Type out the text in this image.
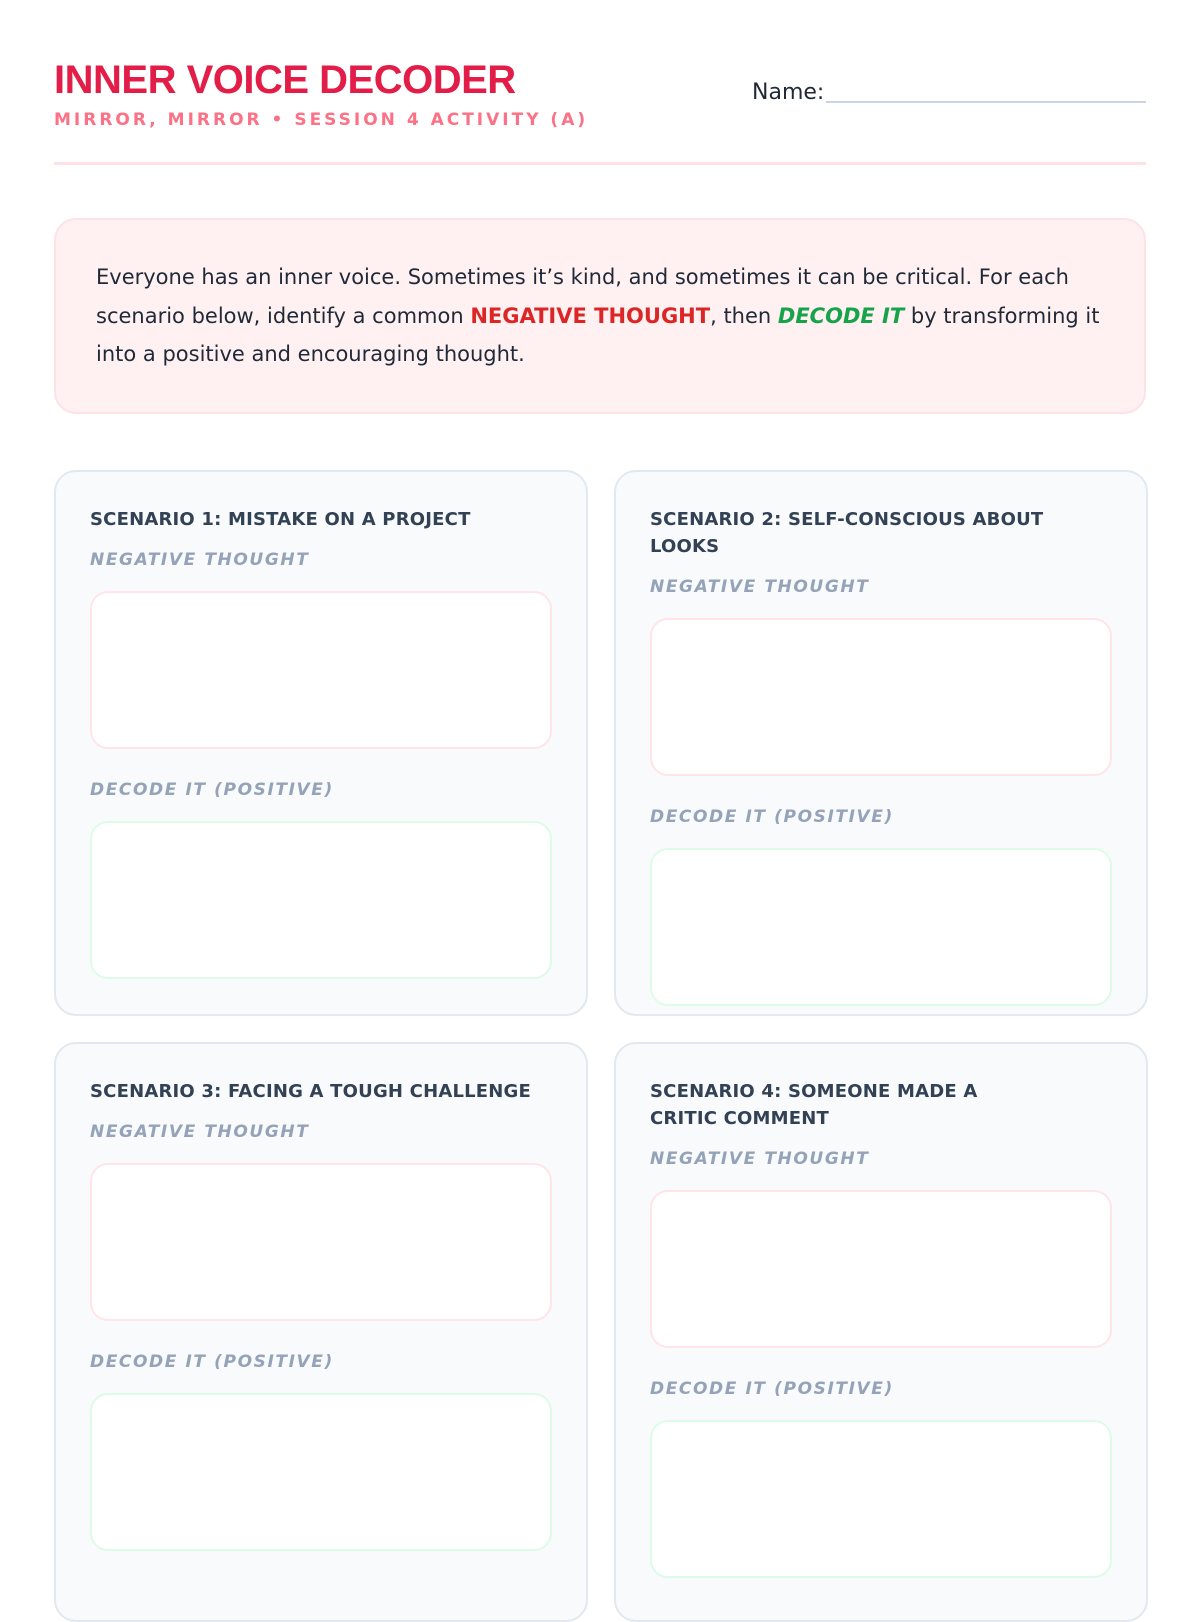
INNER VOICE DECODER
MIRROR, MIRROR • SESSION 4 ACTIVITY (A)
Name:

Everyone has an inner voice. Sometimes it’s kind, and sometimes it can be critical. For each scenario below, identify a common NEGATIVE THOUGHT, then DECODE IT by transforming it into a positive and encouraging thought.

SCENARIO 1: MISTAKE ON A PROJECT
NEGATIVE THOUGHT
DECODE IT (POSITIVE)
SCENARIO 2: SELF-CONSCIOUS ABOUT LOOKS
NEGATIVE THOUGHT
DECODE IT (POSITIVE)
SCENARIO 3: FACING A TOUGH CHALLENGE
NEGATIVE THOUGHT
DECODE IT (POSITIVE)
SCENARIO 4: SOMEONE MADE A CRITIC COMMENT
NEGATIVE THOUGHT
DECODE IT (POSITIVE)
